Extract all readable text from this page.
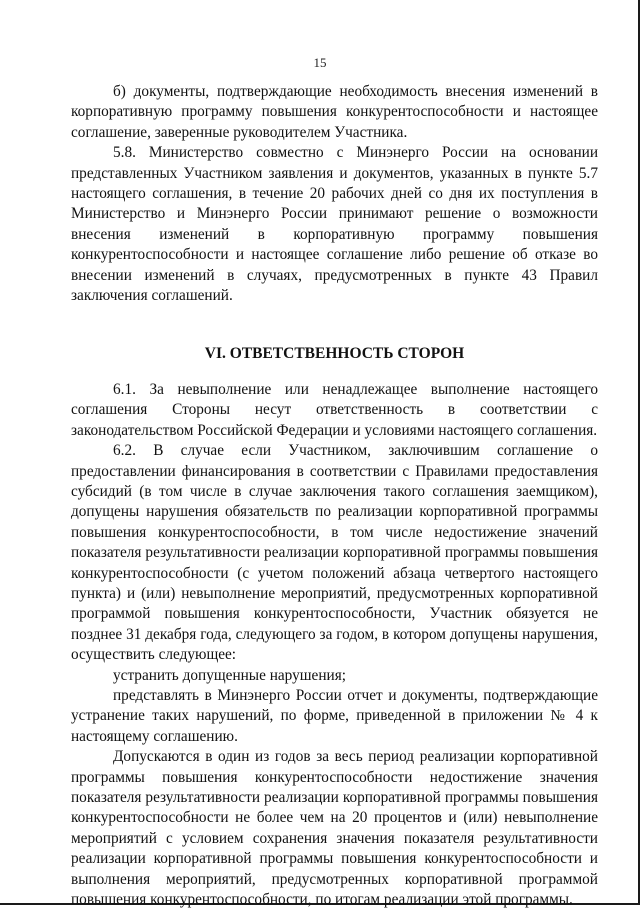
15

б) документы, подтверждающие необходимость внесения изменений в корпоративную программу повышения конкурентоспособности и настоящее соглашение, заверенные руководителем Участника.

5.8. Министерство совместно с Минэнерго России на основании представленных Участником заявления и документов, указанных в пункте 5.7 настоящего соглашения, в течение 20 рабочих дней со дня их поступления в Министерство и Минэнерго России принимают решение о возможности внесения изменений в корпоративную программу повышения конкурентоспособности и настоящее соглашение либо решение об отказе во внесении изменений в случаях, предусмотренных в пункте 43 Правил заключения соглашений.

VI. ОТВЕТСТВЕННОСТЬ СТОРОН

6.1. За невыполнение или ненадлежащее выполнение настоящего соглашения Стороны несут ответственность в соответствии с законодательством Российской Федерации и условиями настоящего соглашения.

6.2. В случае если Участником, заключившим соглашение о предоставлении финансирования в соответствии с Правилами предоставления субсидий (в том числе в случае заключения такого соглашения заемщиком), допущены нарушения обязательств по реализации корпоративной программы повышения конкурентоспособности, в том числе недостижение значений показателя результативности реализации корпоративной программы повышения конкурентоспособности (с учетом положений абзаца четвертого настоящего пункта) и (или) невыполнение мероприятий, предусмотренных корпоративной программой повышения конкурентоспособности, Участник обязуется не позднее 31 декабря года, следующего за годом, в котором допущены нарушения, осуществить следующее:

устранить допущенные нарушения;

представлять в Минэнерго России отчет и документы, подтверждающие устранение таких нарушений, по форме, приведенной в приложении № 4 к настоящему соглашению.

Допускаются в один из годов за весь период реализации корпоративной программы повышения конкурентоспособности недостижение значения показателя результативности реализации корпоративной программы повышения конкурентоспособности не более чем на 20 процентов и (или) невыполнение мероприятий с условием сохранения значения показателя результативности реализации корпоративной программы повышения конкурентоспособности и выполнения мероприятий, предусмотренных корпоративной программой повышения конкурентоспособности, по итогам реализации этой программы.
